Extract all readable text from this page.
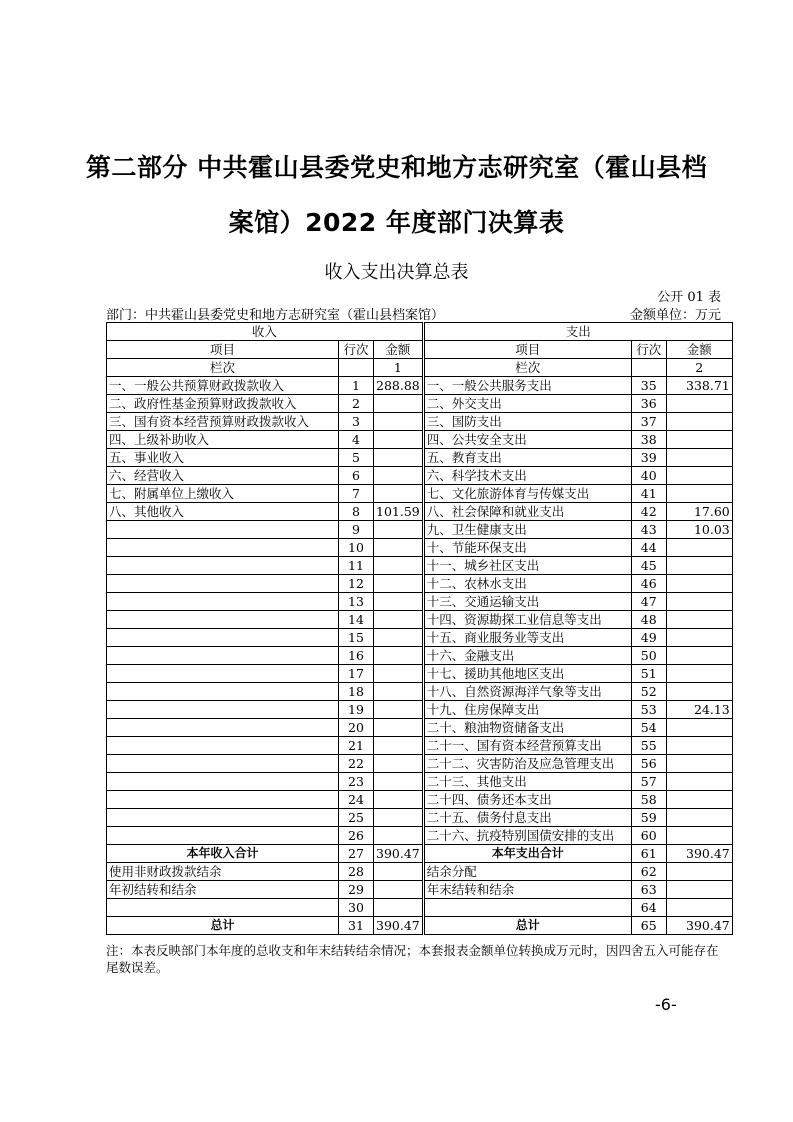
第二部分 中共霍山县委党史和地方志研究室（霍山县档
案馆）2022 年度部门决算表
收入支出决算总表
公开 01 表
部门：中共霍山县委党史和地方志研究室（霍山县档案馆）	金额单位：万元
收入			支出		
项目	行次	金额	项目	行次	金额
栏次		1	栏次		2
一、一般公共预算财政拨款收入	1	288.88	一、一般公共服务支出	35	338.71
二、政府性基金预算财政拨款收入	2		二、外交支出	36	
三、国有资本经营预算财政拨款收入	3		三、国防支出	37	
四、上级补助收入	4		四、公共安全支出	38	
五、事业收入	5		五、教育支出	39	
六、经营收入	6		六、科学技术支出	40	
七、附属单位上缴收入	7		七、文化旅游体育与传媒支出	41	
八、其他收入	8	101.59	八、社会保障和就业支出	42	17.60
	9		九、卫生健康支出	43	10.03
	10		十、节能环保支出	44	
	11		十一、城乡社区支出	45	
	12		十二、农林水支出	46	
	13		十三、交通运输支出	47	
	14		十四、资源勘探工业信息等支出	48	
	15		十五、商业服务业等支出	49	
	16		十六、金融支出	50	
	17		十七、援助其他地区支出	51	
	18		十八、自然资源海洋气象等支出	52	
	19		十九、住房保障支出	53	24.13
	20		二十、粮油物资储备支出	54	
	21		二十一、国有资本经营预算支出	55	
	22		二十二、灾害防治及应急管理支出	56	
	23		二十三、其他支出	57	
	24		二十四、债务还本支出	58	
	25		二十五、债务付息支出	59	
	26		二十六、抗疫特别国债安排的支出	60	
本年收入合计	27	390.47	本年支出合计	61	390.47
使用非财政拨款结余	28		结余分配	62	
年初结转和结余	29		年末结转和结余	63	
	30			64	
总计	31	390.47	总计	65	390.47
注：本表反映部门本年度的总收支和年末结转结余情况；本套报表金额单位转换成万元时，因四舍五入可能存在尾数误差。
-6-
